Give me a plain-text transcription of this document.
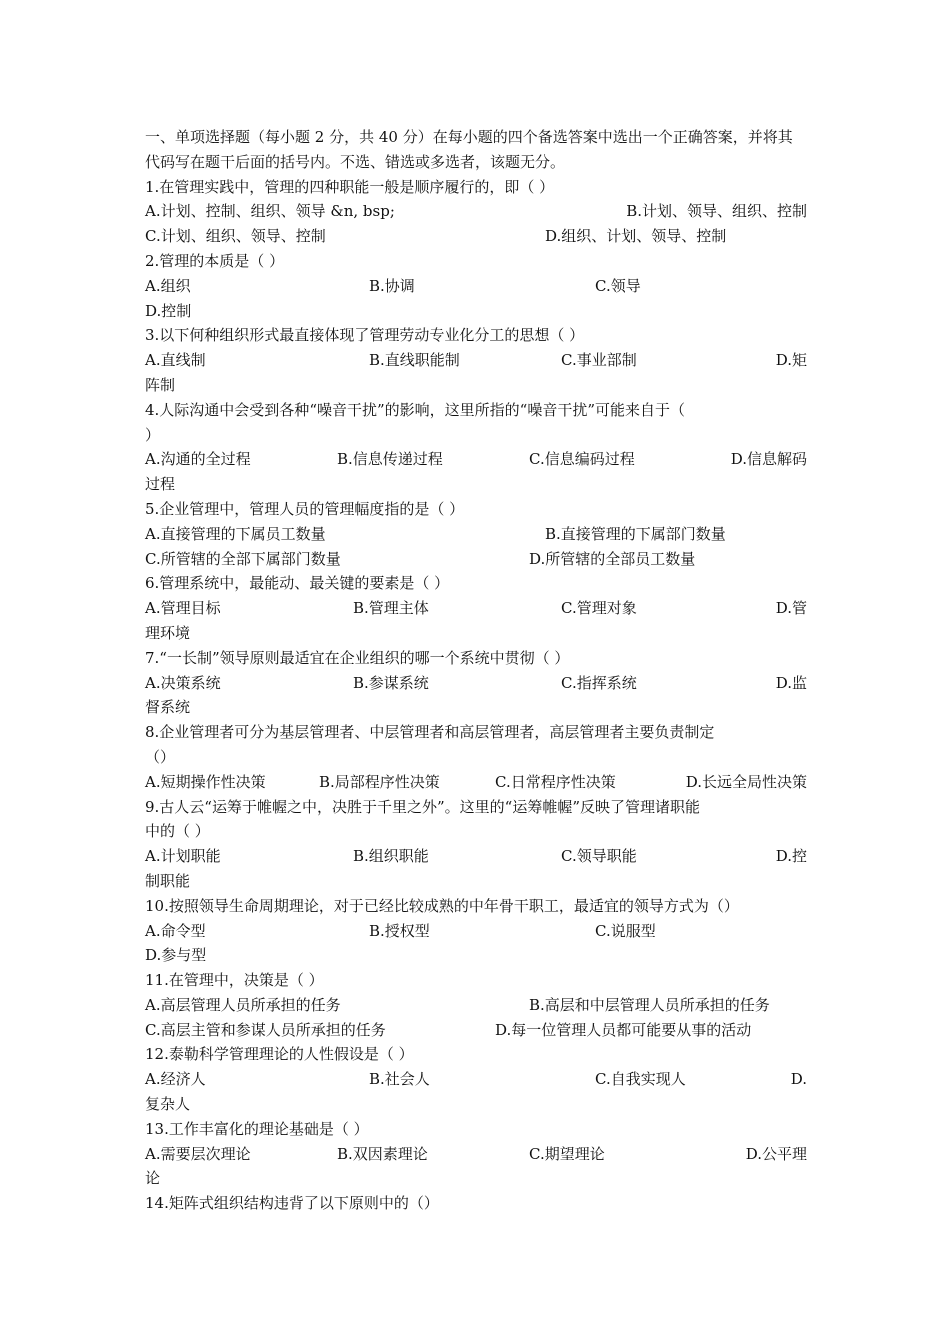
一、单项选择题（每小题 2 分，共 40 分）在每小题的四个备选答案中选出一个正确答案，并将其代码写在题干后面的括号内。不选、错选或多选者，该题无分。
1.在管理实践中，管理的四种职能一般是顺序履行的，即（ ）
A.计划、控制、组织、领导 &n, bsp;	B.计划、领导、组织、控制
C.计划、组织、领导、控制	D.组织、计划、领导、控制
2.管理的本质是（ ）
A.组织	B.协调	C.领导
D.控制
3.以下何种组织形式最直接体现了管理劳动专业化分工的思想（ ）
A.直线制	B.直线职能制	C.事业部制	D.矩
阵制
4.人际沟通中会受到各种“噪音干扰”的影响，这里所指的“噪音干扰”可能来自于（
）
A.沟通的全过程	B.信息传递过程	C.信息编码过程	D.信息解码
过程
5.企业管理中，管理人员的管理幅度指的是（ ）
A.直接管理的下属员工数量	B.直接管理的下属部门数量
C.所管辖的全部下属部门数量	D.所管辖的全部员工数量
6.管理系统中，最能动、最关键的要素是（ ）
A.管理目标	B.管理主体	C.管理对象	D.管
理环境
7.“一长制”领导原则最适宜在企业组织的哪一个系统中贯彻（ ）
A.决策系统	B.参谋系统	C.指挥系统	D.监
督系统
8.企业管理者可分为基层管理者、中层管理者和高层管理者，高层管理者主要负责制定
（）
A.短期操作性决策	B.局部程序性决策	C.日常程序性决策	D.长远全局性决策
9.古人云“运筹于帷幄之中，决胜于千里之外”。这里的“运筹帷幄”反映了管理诸职能
中的（ ）
A.计划职能	B.组织职能	C.领导职能	D.控
制职能
10.按照领导生命周期理论，对于已经比较成熟的中年骨干职工，最适宜的领导方式为（）
A.命令型	B.授权型	C.说服型
D.参与型
11.在管理中，决策是（ ）
A.高层管理人员所承担的任务	B.高层和中层管理人员所承担的任务
C.高层主管和参谋人员所承担的任务	D.每一位管理人员都可能要从事的活动
12.泰勒科学管理理论的人性假设是（ ）
A.经济人	B.社会人	C.自我实现人	D.
复杂人
13.工作丰富化的理论基础是（ ）
A.需要层次理论	B.双因素理论	C.期望理论	D.公平理
论
14.矩阵式组织结构违背了以下原则中的（）
